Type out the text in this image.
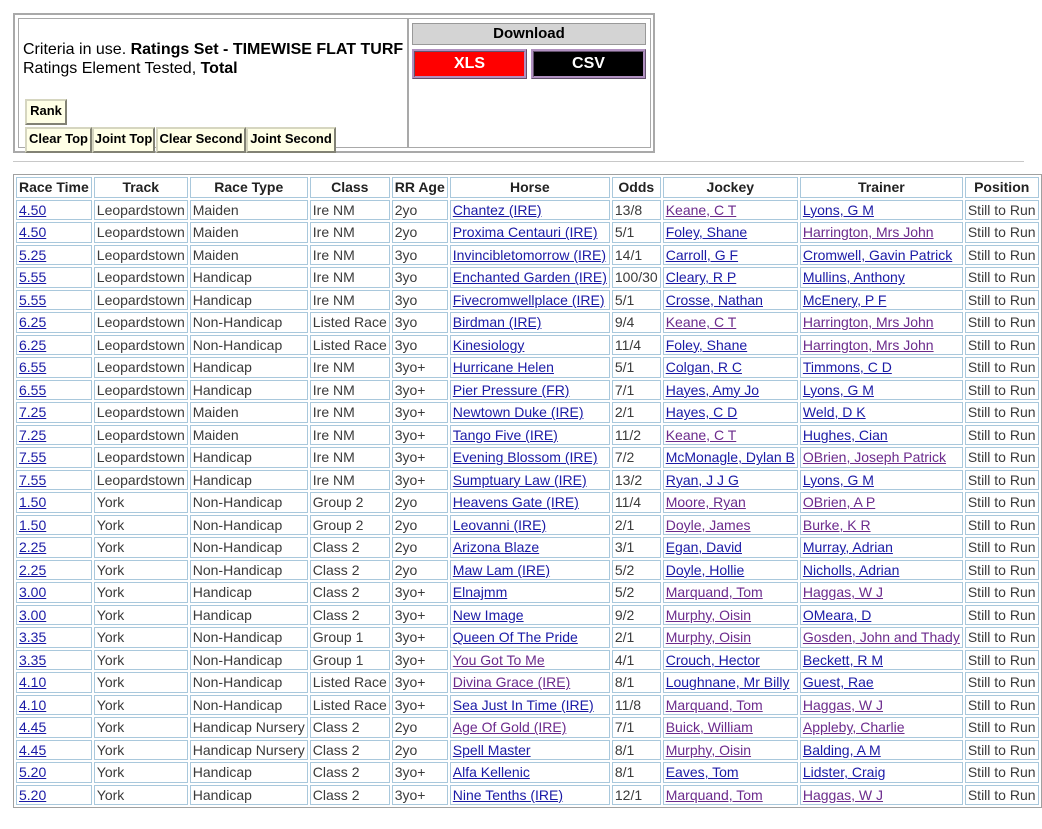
Criteria in use. Ratings Set - TIMEWISE FLAT TURF
Ratings Element Tested, Total
Rank
Clear Top Joint Top Clear Second Joint Second
Download
XLS	CSV
Race Time	Track	Race Type	Class	RR Age	Horse	Odds	Jockey	Trainer	Position
4.50	Leopardstown	Maiden	Ire NM	2yo	Chantez (IRE)	13/8	Keane, C T	Lyons, G M	Still to Run
4.50	Leopardstown	Maiden	Ire NM	2yo	Proxima Centauri (IRE)	5/1	Foley, Shane	Harrington, Mrs John	Still to Run
5.25	Leopardstown	Maiden	Ire NM	3yo	Invincibletomorrow (IRE)	14/1	Carroll, G F	Cromwell, Gavin Patrick	Still to Run
5.55	Leopardstown	Handicap	Ire NM	3yo	Enchanted Garden (IRE)	100/30	Cleary, R P	Mullins, Anthony	Still to Run
5.55	Leopardstown	Handicap	Ire NM	3yo	Fivecromwellplace (IRE)	5/1	Crosse, Nathan	McEnery, P F	Still to Run
6.25	Leopardstown	Non-Handicap	Listed Race	3yo	Birdman (IRE)	9/4	Keane, C T	Harrington, Mrs John	Still to Run
6.25	Leopardstown	Non-Handicap	Listed Race	3yo	Kinesiology	11/4	Foley, Shane	Harrington, Mrs John	Still to Run
6.55	Leopardstown	Handicap	Ire NM	3yo+	Hurricane Helen	5/1	Colgan, R C	Timmons, C D	Still to Run
6.55	Leopardstown	Handicap	Ire NM	3yo+	Pier Pressure (FR)	7/1	Hayes, Amy Jo	Lyons, G M	Still to Run
7.25	Leopardstown	Maiden	Ire NM	3yo+	Newtown Duke (IRE)	2/1	Hayes, C D	Weld, D K	Still to Run
7.25	Leopardstown	Maiden	Ire NM	3yo+	Tango Five (IRE)	11/2	Keane, C T	Hughes, Cian	Still to Run
7.55	Leopardstown	Handicap	Ire NM	3yo+	Evening Blossom (IRE)	7/2	McMonagle, Dylan B	OBrien, Joseph Patrick	Still to Run
7.55	Leopardstown	Handicap	Ire NM	3yo+	Sumptuary Law (IRE)	13/2	Ryan, J J G	Lyons, G M	Still to Run
1.50	York	Non-Handicap	Group 2	2yo	Heavens Gate (IRE)	11/4	Moore, Ryan	OBrien, A P	Still to Run
1.50	York	Non-Handicap	Group 2	2yo	Leovanni (IRE)	2/1	Doyle, James	Burke, K R	Still to Run
2.25	York	Non-Handicap	Class 2	2yo	Arizona Blaze	3/1	Egan, David	Murray, Adrian	Still to Run
2.25	York	Non-Handicap	Class 2	2yo	Maw Lam (IRE)	5/2	Doyle, Hollie	Nicholls, Adrian	Still to Run
3.00	York	Handicap	Class 2	3yo+	Elnajmm	5/2	Marquand, Tom	Haggas, W J	Still to Run
3.00	York	Handicap	Class 2	3yo+	New Image	9/2	Murphy, Oisin	OMeara, D	Still to Run
3.35	York	Non-Handicap	Group 1	3yo+	Queen Of The Pride	2/1	Murphy, Oisin	Gosden, John and Thady	Still to Run
3.35	York	Non-Handicap	Group 1	3yo+	You Got To Me	4/1	Crouch, Hector	Beckett, R M	Still to Run
4.10	York	Non-Handicap	Listed Race	3yo+	Divina Grace (IRE)	8/1	Loughnane, Mr Billy	Guest, Rae	Still to Run
4.10	York	Non-Handicap	Listed Race	3yo+	Sea Just In Time (IRE)	11/8	Marquand, Tom	Haggas, W J	Still to Run
4.45	York	Handicap Nursery	Class 2	2yo	Age Of Gold (IRE)	7/1	Buick, William	Appleby, Charlie	Still to Run
4.45	York	Handicap Nursery	Class 2	2yo	Spell Master	8/1	Murphy, Oisin	Balding, A M	Still to Run
5.20	York	Handicap	Class 2	3yo+	Alfa Kellenic	8/1	Eaves, Tom	Lidster, Craig	Still to Run
5.20	York	Handicap	Class 2	3yo+	Nine Tenths (IRE)	12/1	Marquand, Tom	Haggas, W J	Still to Run
